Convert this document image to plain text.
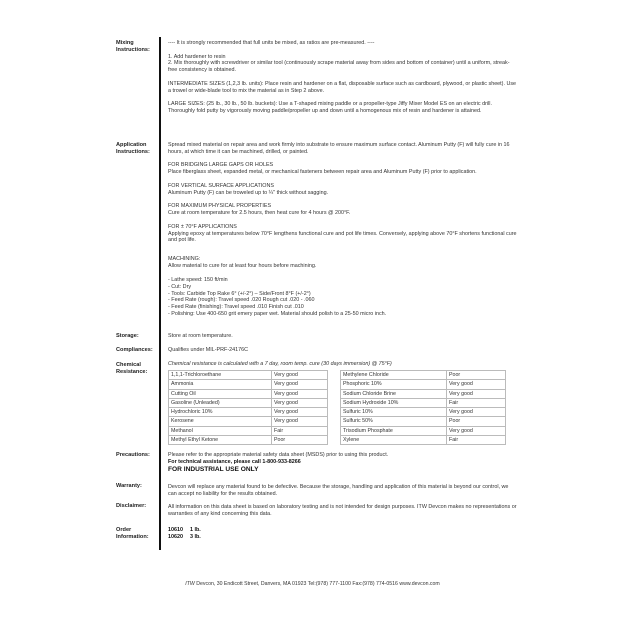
Mixing Instructions:

---- It is strongly recommended that full units be mixed, as ratios are pre-measured. ----

1. Add hardener to resin

2. Mix thoroughly with screwdriver or similar tool (continuously scrape material away from sides and bottom of container) until a uniform, streak-free consistency is obtained.

INTERMEDIATE SIZES (1,2,3 lb. units): Place resin and hardener on a flat, disposable surface such as cardboard, plywood, or plastic sheet). Use a trowel or wide-blade tool to mix the material as in Step 2 above.

LARGE SIZES: (25 lb., 30 lb., 50 lb. buckets): Use a T-shaped mixing paddle or a propeller-type Jiffy Mixer Model ES on an electric drill. Thoroughly fold putty by vigorously moving paddle/propeller up and down until a homogenous mix of resin and hardener is attained.

Application Instructions:

Spread mixed material on repair area and work firmly into substrate to ensure maximum surface contact. Aluminum Putty (F) will fully cure in 16 hours, at which time it can be machined, drilled, or painted.

FOR BRIDGING LARGE GAPS OR HOLES

Place fiberglass sheet, expanded metal, or mechanical fasteners between repair area and Aluminum Putty (F) prior to application.

FOR VERTICAL SURFACE APPLICATIONS

Aluminum Putty (F) can be troweled up to ¼" thick without sagging.

FOR MAXIMUM PHYSICAL PROPERTIES

Cure at room temperature for 2.5 hours, then heat cure for 4 hours @ 200°F.

FOR ± 70°F APPLICATIONS

Applying epoxy at temperatures below 70°F lengthens functional cure and pot life times. Conversely, applying above 70°F shortens functional cure and pot life.

MACHINING:

Allow material to cure for at least four hours before machining.

- Lathe speed: 150 ft/min
- Cut: Dry
- Tools: Carbide Top Rake 6° (+/-2°) – Side/Front 8°F (+/-2°)
- Feed Rate (rough): Travel speed .020 Rough cut .020 - .060
- Feed Rate (finishing): Travel speed .010 Finish cut .010
- Polishing: Use 400-650 grit emery paper wet. Material should polish to a 25-50 micro inch.
Storage:	Store at room temperature.
Compliances:	Qualifies under MIL-PRF-24176C
Chemical Resistance:
Chemical resistance is calculated with a 7 day, room temp. cure (30 days immersion) @ 75°F)
1,1,1-Trichloroethane	Very good
Ammonia	Very good
Cutting Oil	Very good
Gasoline (Unleaded)	Very good
Hydrochloric 10%	Very good
Kerosene	Very good
Methanol	Fair
Methyl Ethyl Ketone	Poor
Methylene Chloride	Poor
Phosphoric 10%	Very good
Sodium Chloride Brine	Very good
Sodium Hydroxide 10%	Fair
Sulfuric 10%	Very good
Sulfuric 50%	Poor
Trisodium Phosphate	Very good
Xylene	Fair
Precautions:	Please refer to the appropriate material safety data sheet (MSDS) prior to using this product.
For technical assistance, please call 1-800-933-8266
FOR INDUSTRIAL USE ONLY
Warranty:	Devcon will replace any material found to be defective. Because the storage, handling and application of this material is beyond our control, we can accept no liability for the results obtained.
Disclaimer:	All information on this data sheet is based on laboratory testing and is not intended for design purposes. ITW Devcon makes no representations or warranties of any kind concerning this data.
Order Information:
10610 1 lb.
10620 3 lb.
ITW Devcon, 30 Endicott Street, Danvers, MA 01923 Tel:(978) 777-1100 Fax:(978) 774-0516 www.devcon.com
